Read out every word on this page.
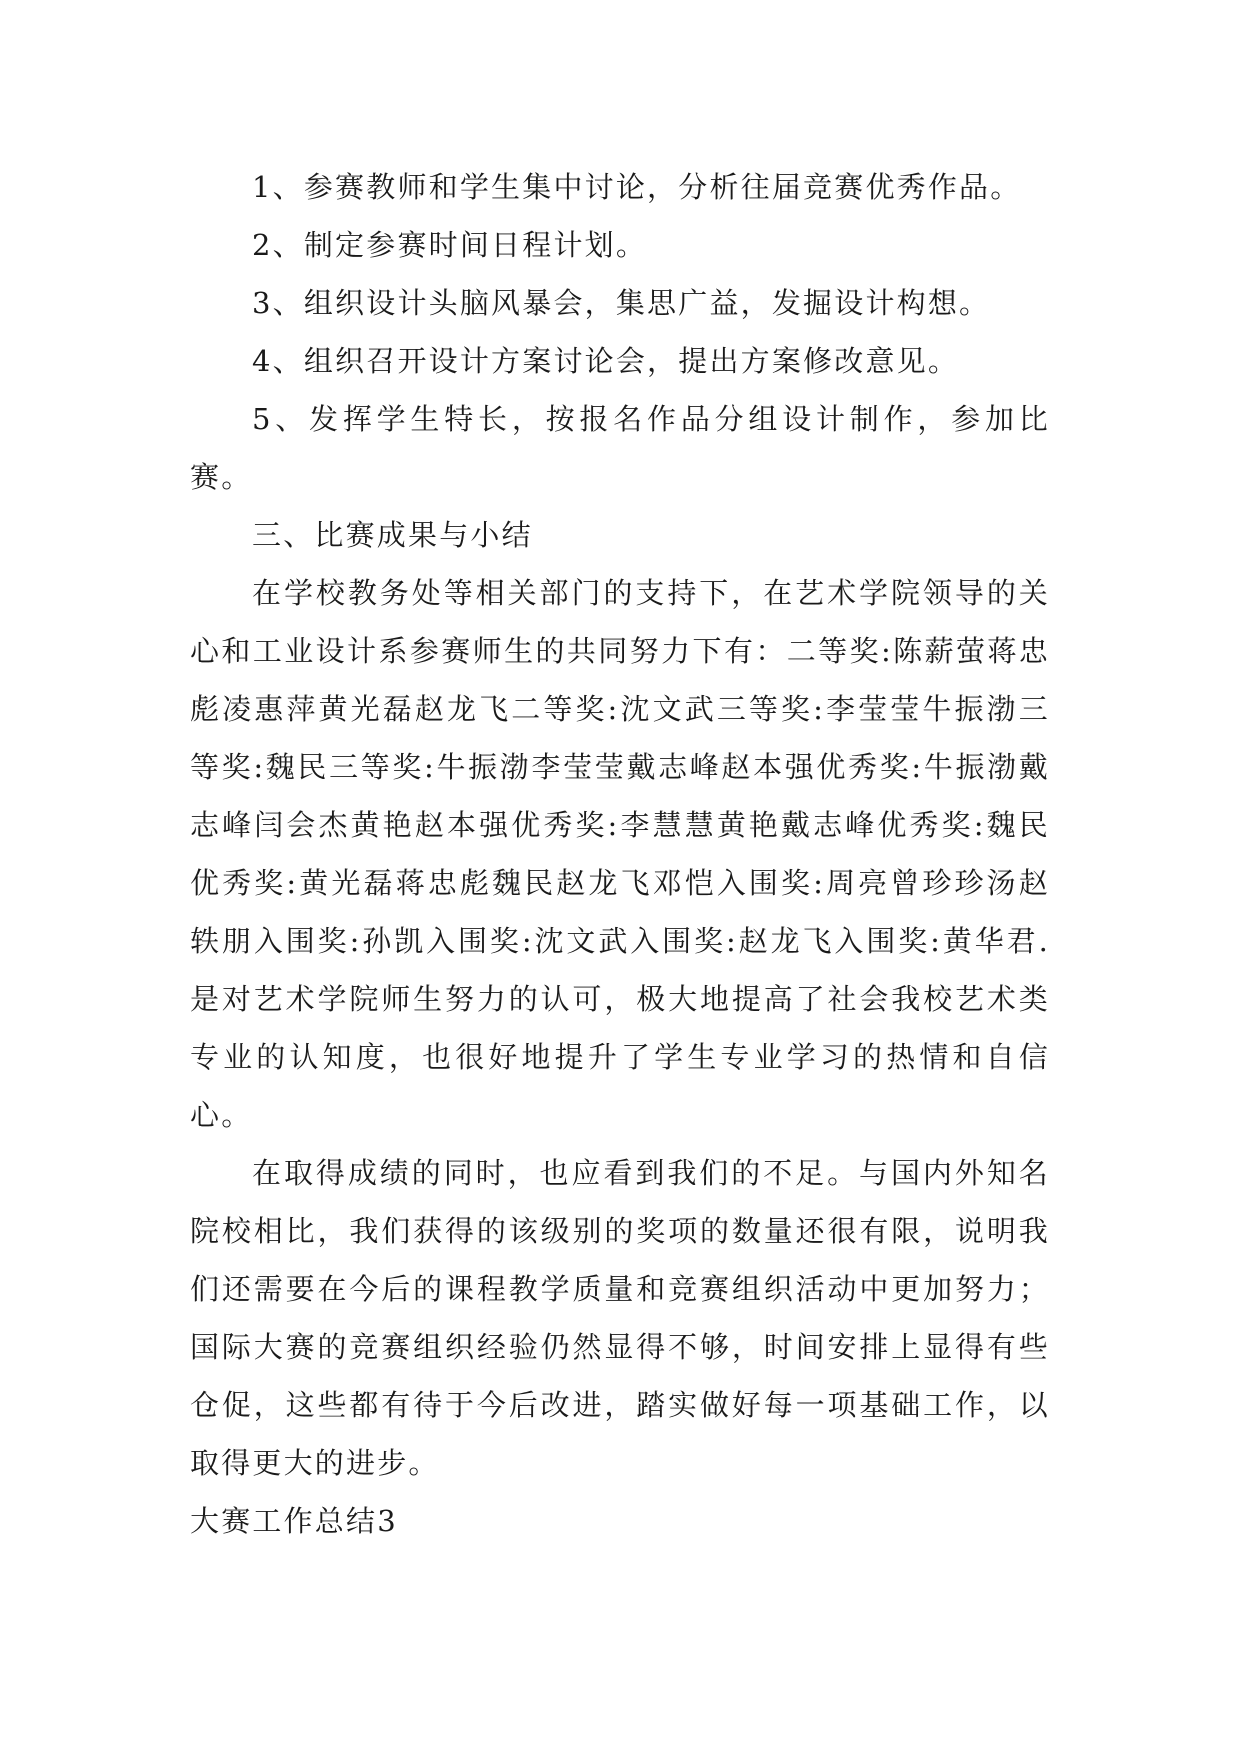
1、参赛教师和学生集中讨论，分析往届竞赛优秀作品。

2、制定参赛时间日程计划。

3、组织设计头脑风暴会，集思广益，发掘设计构想。

4、组织召开设计方案讨论会，提出方案修改意见。

5、发挥学生特长，按报名作品分组设计制作，参加比赛。

三、比赛成果与小结

在学校教务处等相关部门的支持下，在艺术学院领导的关心和工业设计系参赛师生的共同努力下有：二等奖:陈薪萤蒋忠彪凌惠萍黄光磊赵龙飞二等奖:沈文武三等奖:李莹莹牛振渤三等奖:魏民三等奖:牛振渤李莹莹戴志峰赵本强优秀奖:牛振渤戴志峰闫会杰黄艳赵本强优秀奖:李慧慧黄艳戴志峰优秀奖:魏民优秀奖:黄光磊蒋忠彪魏民赵龙飞邓恺入围奖:周亮曾珍珍汤赵轶朋入围奖:孙凯入围奖:沈文武入围奖:赵龙飞入围奖:黄华君.是对艺术学院师生努力的认可，极大地提高了社会我校艺术类专业的认知度，也很好地提升了学生专业学习的热情和自信心。

在取得成绩的同时，也应看到我们的不足。与国内外知名院校相比，我们获得的该级别的奖项的数量还很有限，说明我们还需要在今后的课程教学质量和竞赛组织活动中更加努力；国际大赛的竞赛组织经验仍然显得不够，时间安排上显得有些仓促，这些都有待于今后改进，踏实做好每一项基础工作，以取得更大的进步。

大赛工作总结3
